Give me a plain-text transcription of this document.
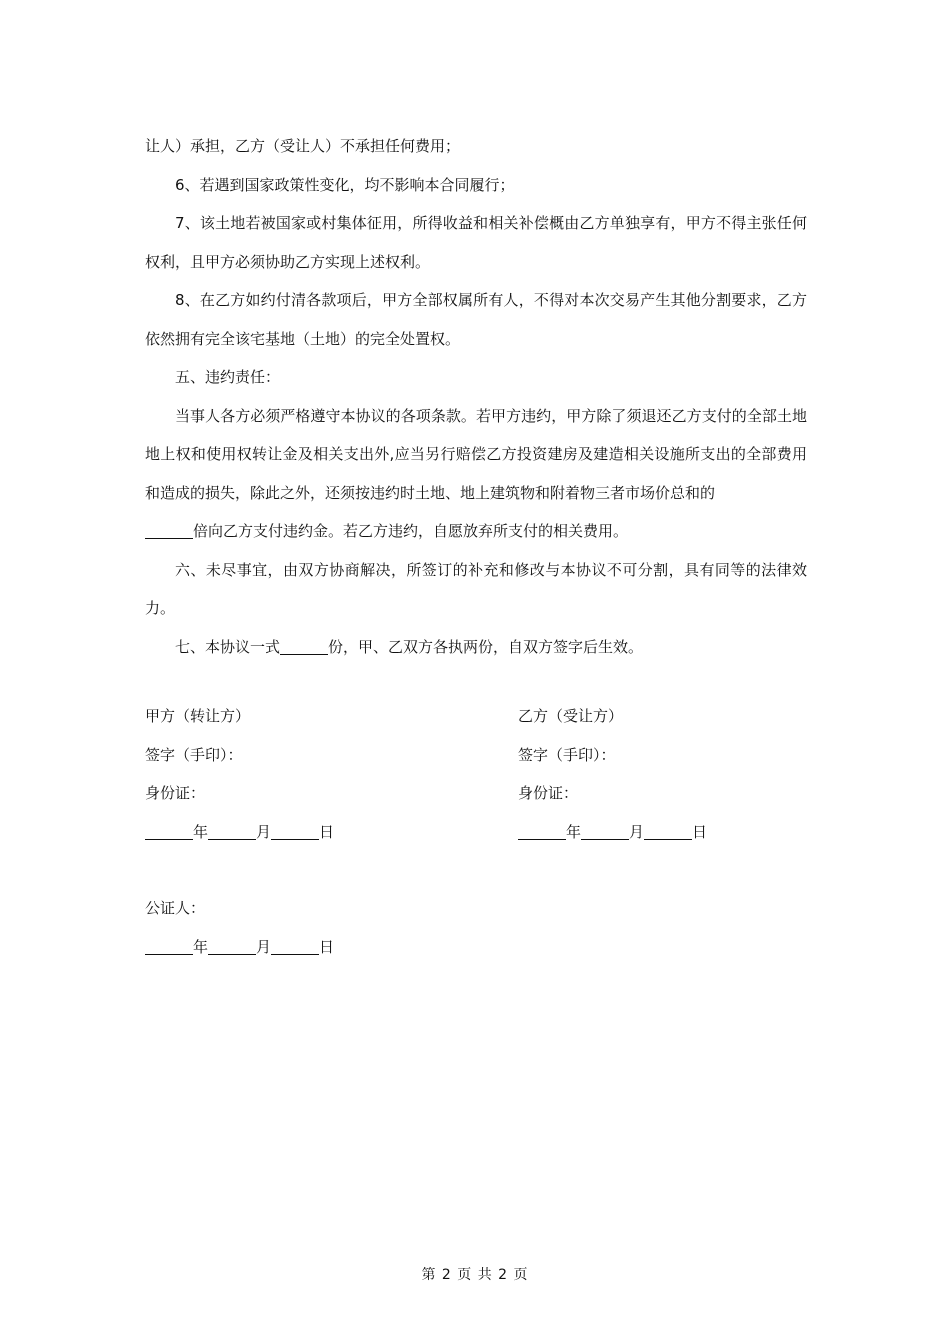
让人）承担，乙方（受让人）不承担任何费用；

6、若遇到国家政策性变化，均不影响本合同履行；

7、该土地若被国家或村集体征用，所得收益和相关补偿概由乙方单独享有，甲方不得主张任何权利，且甲方必须协助乙方实现上述权利。

8、在乙方如约付清各款项后，甲方全部权属所有人，不得对本次交易产生其他分割要求，乙方依然拥有完全该宅基地（土地）的完全处置权。

五、违约责任：

当事人各方必须严格遵守本协议的各项条款。若甲方违约，甲方除了须退还乙方支付的全部土地地上权和使用权转让金及相关支出外,应当另行赔偿乙方投资建房及建造相关设施所支出的全部费用和造成的损失，除此之外，还须按违约时土地、地上建筑物和附着物三者市场价总和的
倍向乙方支付违约金。若乙方违约，自愿放弃所支付的相关费用。

六、未尽事宜，由双方协商解决，所签订的补充和修改与本协议不可分割，具有同等的法律效力。

七、本协议一式	份，甲、乙双方各执两份，自双方签字后生效。

甲方（转让方）
签字（手印）：
身份证：
年	月	日
乙方（受让方）
签字（手印）：
身份证：
年	月	日
公证人：
年	月	日
第 2 页 共 2 页
